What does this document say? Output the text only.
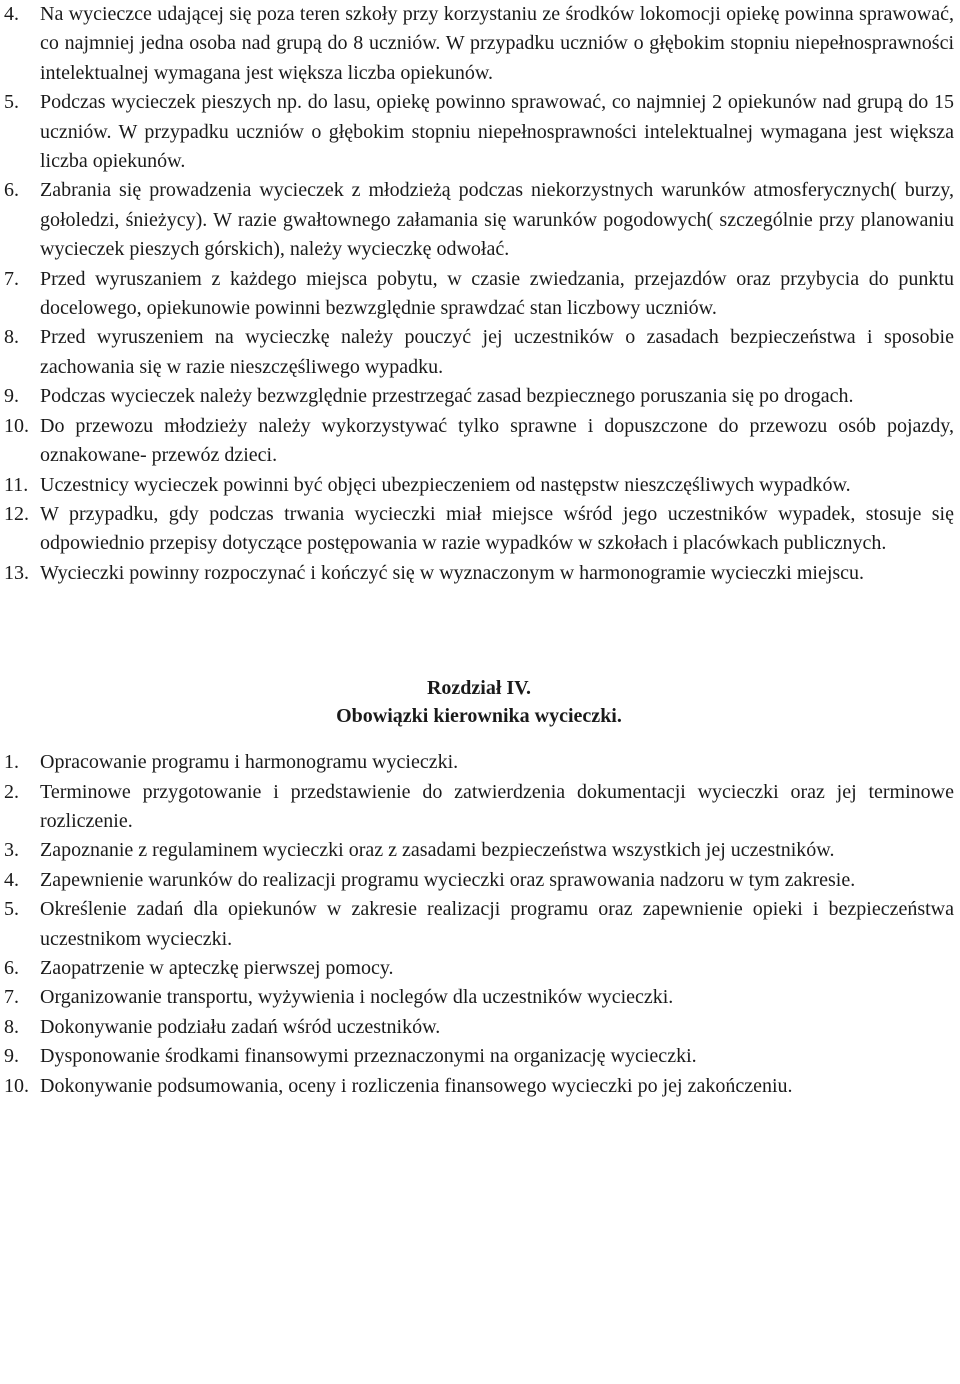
4.	Na wycieczce udającej się poza teren szkoły przy korzystaniu ze środków lokomocji opiekę powinna sprawować, co najmniej jedna osoba nad grupą do 8 uczniów. W przypadku uczniów o głębokim stopniu niepełnosprawności intelektualnej wymagana jest większa liczba opiekunów.
5.	Podczas wycieczek pieszych np. do lasu, opiekę powinno sprawować, co najmniej 2 opiekunów nad grupą do 15 uczniów. W przypadku uczniów o głębokim stopniu niepełnosprawności intelektualnej wymagana jest większa liczba opiekunów.
6.	Zabrania się prowadzenia wycieczek z młodzieżą podczas niekorzystnych warunków atmosferycznych( burzy, gołoledzi, śnieżycy). W razie gwałtownego załamania się warunków pogodowych( szczególnie przy planowaniu wycieczek pieszych górskich), należy wycieczkę odwołać.
7.	Przed wyruszaniem z każdego miejsca pobytu, w czasie zwiedzania, przejazdów oraz przybycia do punktu docelowego, opiekunowie powinni bezwzględnie sprawdzać stan liczbowy uczniów.
8.	Przed wyruszeniem na wycieczkę należy pouczyć jej uczestników o zasadach bezpieczeństwa i sposobie zachowania się w razie nieszczęśliwego wypadku.
9.	Podczas wycieczek należy bezwzględnie przestrzegać zasad bezpiecznego poruszania się po drogach.
10. Do przewozu młodzieży należy wykorzystywać tylko sprawne i dopuszczone do przewozu osób pojazdy, oznakowane- przewóz dzieci.
11. Uczestnicy wycieczek powinni być objęci ubezpieczeniem od następstw nieszczęśliwych wypadków.
12. W przypadku, gdy podczas trwania wycieczki miał miejsce wśród jego uczestników wypadek, stosuje się odpowiednio przepisy dotyczące postępowania w razie wypadków w szkołach i placówkach publicznych.
13. Wycieczki powinny rozpoczynać i kończyć się w wyznaczonym w harmonogramie wycieczki miejscu.
Rozdział IV.
Obowiązki kierownika wycieczki.
1.	Opracowanie programu i harmonogramu wycieczki.
2.	Terminowe przygotowanie i przedstawienie do zatwierdzenia dokumentacji wycieczki oraz jej terminowe rozliczenie.
3.	Zapoznanie z regulaminem wycieczki oraz z zasadami bezpieczeństwa wszystkich jej uczestników.
4.	Zapewnienie warunków do realizacji programu wycieczki oraz sprawowania nadzoru w tym zakresie.
5.	Określenie zadań dla opiekunów w zakresie realizacji programu oraz zapewnienie opieki i bezpieczeństwa uczestnikom wycieczki.
6.	Zaopatrzenie w apteczkę pierwszej pomocy.
7.	Organizowanie transportu, wyżywienia i noclegów dla uczestników wycieczki.
8.	Dokonywanie podziału zadań wśród uczestników.
9.	Dysponowanie środkami finansowymi przeznaczonymi na organizację wycieczki.
10. Dokonywanie podsumowania, oceny i rozliczenia finansowego wycieczki po jej zakończeniu.
